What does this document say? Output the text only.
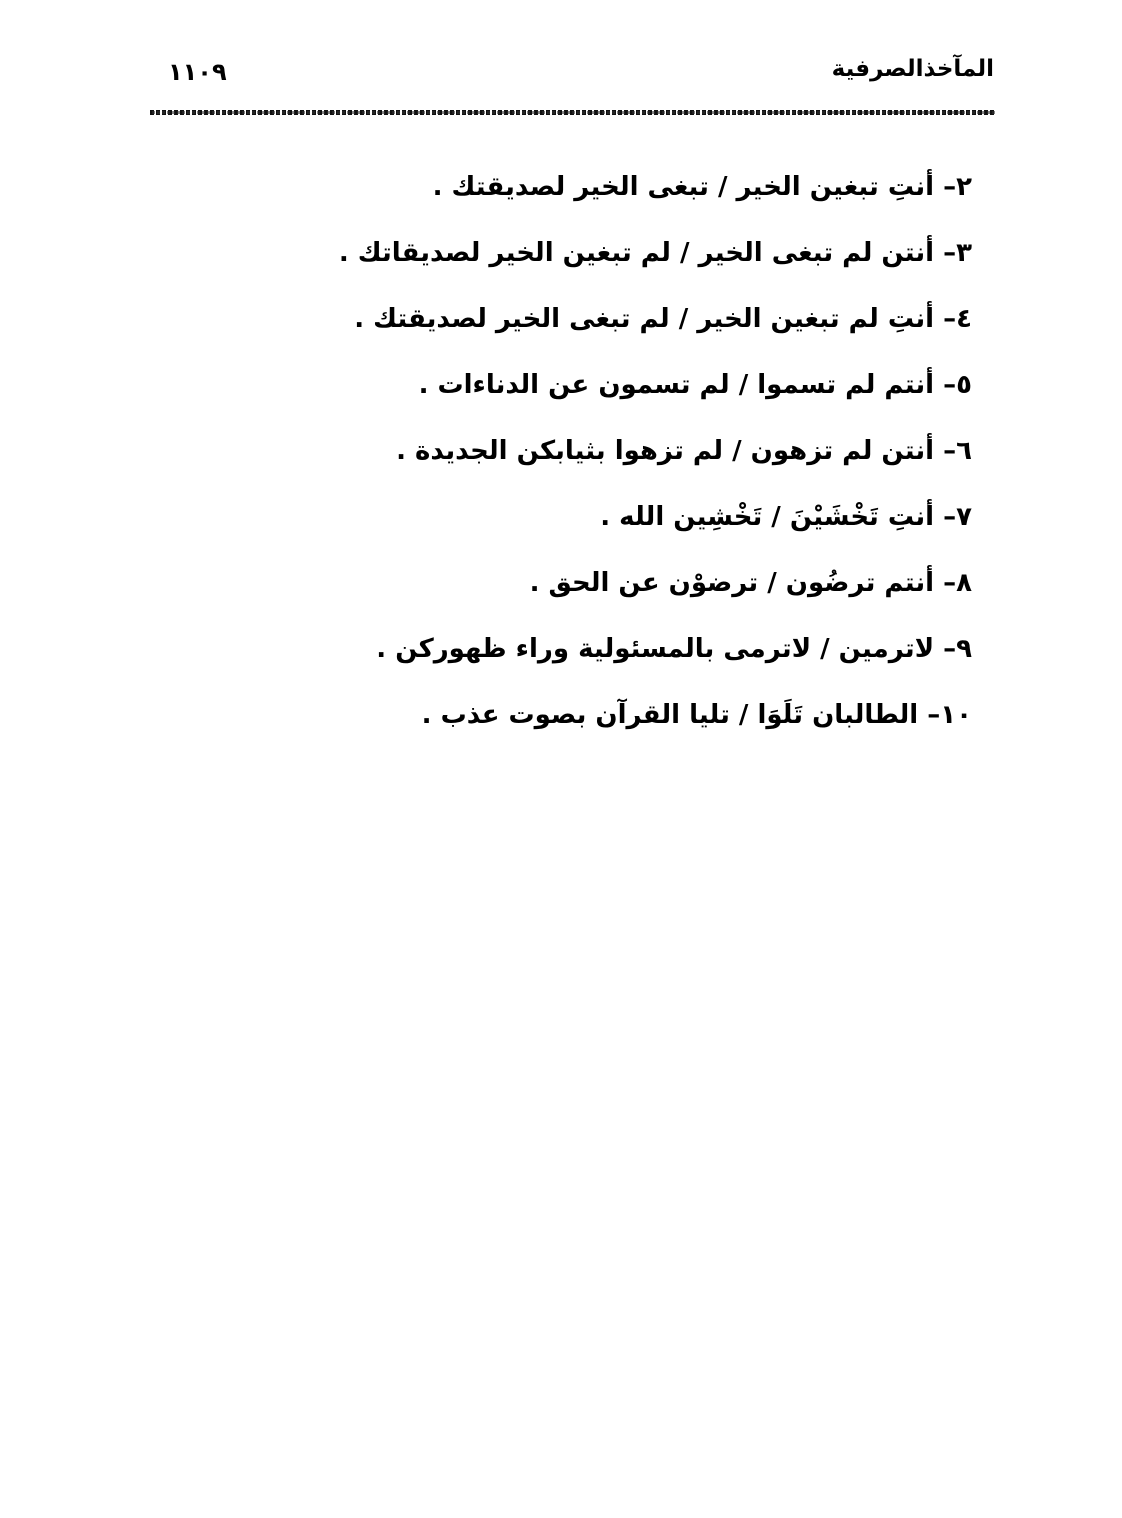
١١٠٩	المآخذالصرفية
٢– أنتِ تبغين الخير / تبغى الخير لصديقتك .
٣– أنتن لم تبغى الخير / لم تبغين الخير لصديقاتك .
٤– أنتِ لم تبغين الخير / لم تبغى الخير لصديقتك .
٥– أنتم لم تسموا / لم تسمون عن الدناءات .
٦– أنتن لم تزهون / لم تزهوا بثيابكن الجديدة .
٧– أنتِ تَخْشَيْنَ / تَخْشِين الله .
٨– أنتم ترضُون / ترضوْن عن الحق .
٩– لاترمين / لاترمى بالمسئولية وراء ظهوركن .
١٠– الطالبان تَلَوَا / تليا القرآن بصوت عذب .
